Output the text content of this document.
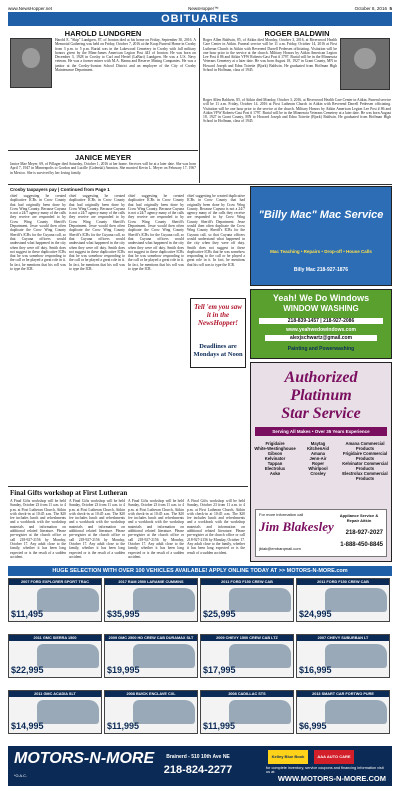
www.NewsHopper.net	NewsHopper™	October 8, 2016 5
OBITUARIES
HAROLD LUNDGREN
Harold E. "Skip" Lundgren, 87, of Ironton died at his home on Friday, September 30, 2016. A Memorial Gathering was held on Friday, October 7, 2016 at the Koop Funeral Home in Crosby from 3 p.m. to 5 p.m. Burial was in the Lakewood Cemetery in Crosby with full military honors given by the Minn-James American Legion Post 443 of Ironton. He was born on December 3, 1928 in Crosby to Carl and Hertel (LaBart) Lundgren. He was a U.S. Navy veteran. He was a former miner with M.A. Hanna and Reserve Mining Companies. He was a janitor at the Crosby-Ironton School District and an employee of the City of Crosby Maintenance Department.
ROGER BALDWIN
Roger Allen Baldwin, 85, of Aitkin died Monday, October 3, 2016, at Riverwood Health Care Center in Aitkin. Funeral service will be 11 a.m. Friday, October 14, 2016 at First Lutheran Church in Aitkin with Reverend Darrell Pedersen officiating. Visitation will be one hour prior to the service at the church. Military Honors by Aitkin American Legion Lee Post # 86 and Aitkin VFW Roberts-Gast Post # 1797. Burial will be in the Minnesota Veterans Cemetery at a later date. He was born August 18, 1927 in Grant County, MN to Howard Joseph and Edna Toirette (Bjork) Baldwin. He graduated from Hoffman High School in Hoffman, class of 1945.
Roger Allen Baldwin, 85, of Aitkin died Monday, October 3, 2016, at Riverwood Health Care Center in Aitkin. Funeral service will be 11 a.m. Friday, October 14, 2016 at First Lutheran Church in Aitkin with Reverend Darrell Pedersen officiating. Visitation will be one hour prior to the service at the church. Military Honors by Aitkin American Legion Lee Post # 86 and Aitkin VFW Roberts-Gast Post # 1797. Burial will be in the Minnesota Veterans Cemetery at a later date. He was born August 18, 1927 in Grant County, MN to Howard Joseph and Edna Toirette (Bjork) Baldwin. He graduated from Hoffman High School in Hoffman, class of 1945.
JANICE MEYER
Janice Mae Meyer, 69, of Pillager died Saturday, October 1, 2016 at her home. Services will be at a later date. She was born April 7, 1947 in Minneapolis to Gordon and Lucille (Golenski) Amnion. She married Kevin L. Meyer on February 17, 1967 in Mexico. She is survived by her loving family.
Crosby taxpayers pay | Continued from Page 1
chief suggesting he created duplicative ICRs in Crow County that had originally been done by Crow Wing County. Because Cuyuna is not a 24/7 agency many of the calls they receive are responded to by Crow Wing County Sheriff's Department. Jesse would then often duplicate the Crow Wing County Sheriff's ICRs for the Cuyuna call, so that Cuyuna officers would understand what happened in the city when they were off duty. Smith does not suggest in these duplicative ICRs that he was somehow responding to the call or he played a great role in it. In fact, he mentions that his roll was to type the ICR.
chief suggesting he created duplicative ICRs in Crow County that had originally been done by Crow Wing County. Because Cuyuna is not a 24/7 agency many of the calls they receive are responded to by Crow Wing County Sheriff's Department. Jesse would then often duplicate the Crow Wing County Sheriff's ICRs for the Cuyuna call, so that Cuyuna officers would understand what happened in the city when they were off duty. Smith does not suggest in these duplicative ICRs that he was somehow responding to the call or he played a great role in it. In fact, he mentions that his roll was to type the ICR.
chief suggesting he created duplicative ICRs in Crow County that had originally been done by Crow Wing County. Because Cuyuna is not a 24/7 agency many of the calls they receive are responded to by Crow Wing County Sheriff's Department. Jesse would then often duplicate the Crow Wing County Sheriff's ICRs for the Cuyuna call, so that Cuyuna officers would understand what happened in the city when they were off duty. Smith does not suggest in these duplicative ICRs that he was somehow responding to the call or he played a great role in it. In fact, he mentions that his roll was to type the ICR.
chief suggesting he created duplicative ICRs in Crow County that had originally been done by Crow Wing County. Because Cuyuna is not a 24/7 agency many of the calls they receive are responded to by Crow Wing County Sheriff's Department. Jesse would then often duplicate the Crow Wing County Sheriff's ICRs for the Cuyuna call, so that Cuyuna officers would understand what happened in the city when they were off duty. Smith does not suggest in these duplicative ICRs that he was somehow responding to the call or he played a great role in it. In fact, he mentions that his roll was to type the ICR.
Tell 'em you saw it in the NewsHopper!
Deadlines are Mondays at Noon
"Billy Mac" Mac Service
Mac Teaching • Repairs • Drop-off • House Calls
Billy Mac 218-927-1876
Yeah! We Do Windows
WINDOW WASHING
218-839-1457 | 218-927-2086
www.yeahwedowindows.com
alexjschwartz@gmail.com
Painting and Powerwashing
Final Gifts workshop at First Lutheran
A Final Gifts workshop will be held Sunday, October 23 from 11 a.m. to 4 p.m. at First Lutheran Church, Aitkin with check-in at 10:45 a.m. The $20 fee includes lunch and refreshments and a workbook with the workshop materials and information on additional related literature. Please pre-register at the church office or call 218-927-2156 by Monday, October 17. Any adult close to the family, whether it has been long expected or is the result of a sudden accident.
A Final Gifts workshop will be held Sunday, October 23 from 11 a.m. to 4 p.m. at First Lutheran Church, Aitkin with check-in at 10:45 a.m. The $20 fee includes lunch and refreshments and a workbook with the workshop materials and information on additional related literature. Please pre-register at the church office or call 218-927-2156 by Monday, October 17. Any adult close to the family, whether it has been long expected or is the result of a sudden accident.
A Final Gifts workshop will be held Sunday, October 23 from 11 a.m. to 4 p.m. at First Lutheran Church, Aitkin with check-in at 10:45 a.m. The $20 fee includes lunch and refreshments and a workbook with the workshop materials and information on additional related literature. Please pre-register at the church office or call 218-927-2156 by Monday, October 17. Any adult close to the family, whether it has been long expected or is the result of a sudden accident.
A Final Gifts workshop will be held Sunday, October 23 from 11 a.m. to 4 p.m. at First Lutheran Church, Aitkin with check-in at 10:45 a.m. The $20 fee includes lunch and refreshments and a workbook with the workshop materials and information on additional related literature. Please pre-register at the church office or call 218-927-2156 by Monday, October 17. Any adult close to the family, whether it has been long expected or is the result of a sudden accident.
Authorized
Platinum
Star Service
Serving All Makes • Over 35 Years Experience
Frigidaire
White-Westinghouse
Gibson
Kelvinator
Tappan
Electrolux
Askø
Maytag
KitchenAid
Amana
Jenn-Air
Roper
Whirlpool
Crosley
Amana Commercial Products
Frigidaire Commercial Products
Kelvinator Commercial Products
Electrolux Commercial Products
For more information call
Jim Blakesley
jblak@embarqmail.com
Appliance Service & Repair Aitkin
218-927-2027
1-888-450-8845
HUGE SELECTION WITH OVER 100 VEHICLES AVAILABLE! APPLY ONLINE TODAY AT >> MOTORS-N-MORE.com
2007 FORD EXPLORER SPORT TRAC
$11,495
2017 RAM 2500 LARAMIE CUMMINS
$35,995
2011 FORD F150 CREW CAB
$25,995
2011 FORD F150 CREW CAB
$24,995
2011 GMC SIERRA 1500
$22,995
2009 GMC 2500 HD CREW CAB DURAMAX SLT
$19,995
2009 CHEVY 1500 CREW CAB LTZ
$17,995
2007 CHEVY SUBURBAN LT
$16,995
2011 GMC ACADIA SLT
$14,995
2008 BUICK ENCLAVE CXL
$11,995
2008 CADILLAC STS
$11,995
2013 SMART CAR FORTWO PURE
$6,995
MOTORS-N-MORE
*O.A.C.
Brainerd - 510 10th Ave NE
218-824-2277
Kelley Blue Book	AAA AUTO CARE
for complete inventory, service coupons and financing information visit us at:
WWW.MOTORS-N-MORE.COM
